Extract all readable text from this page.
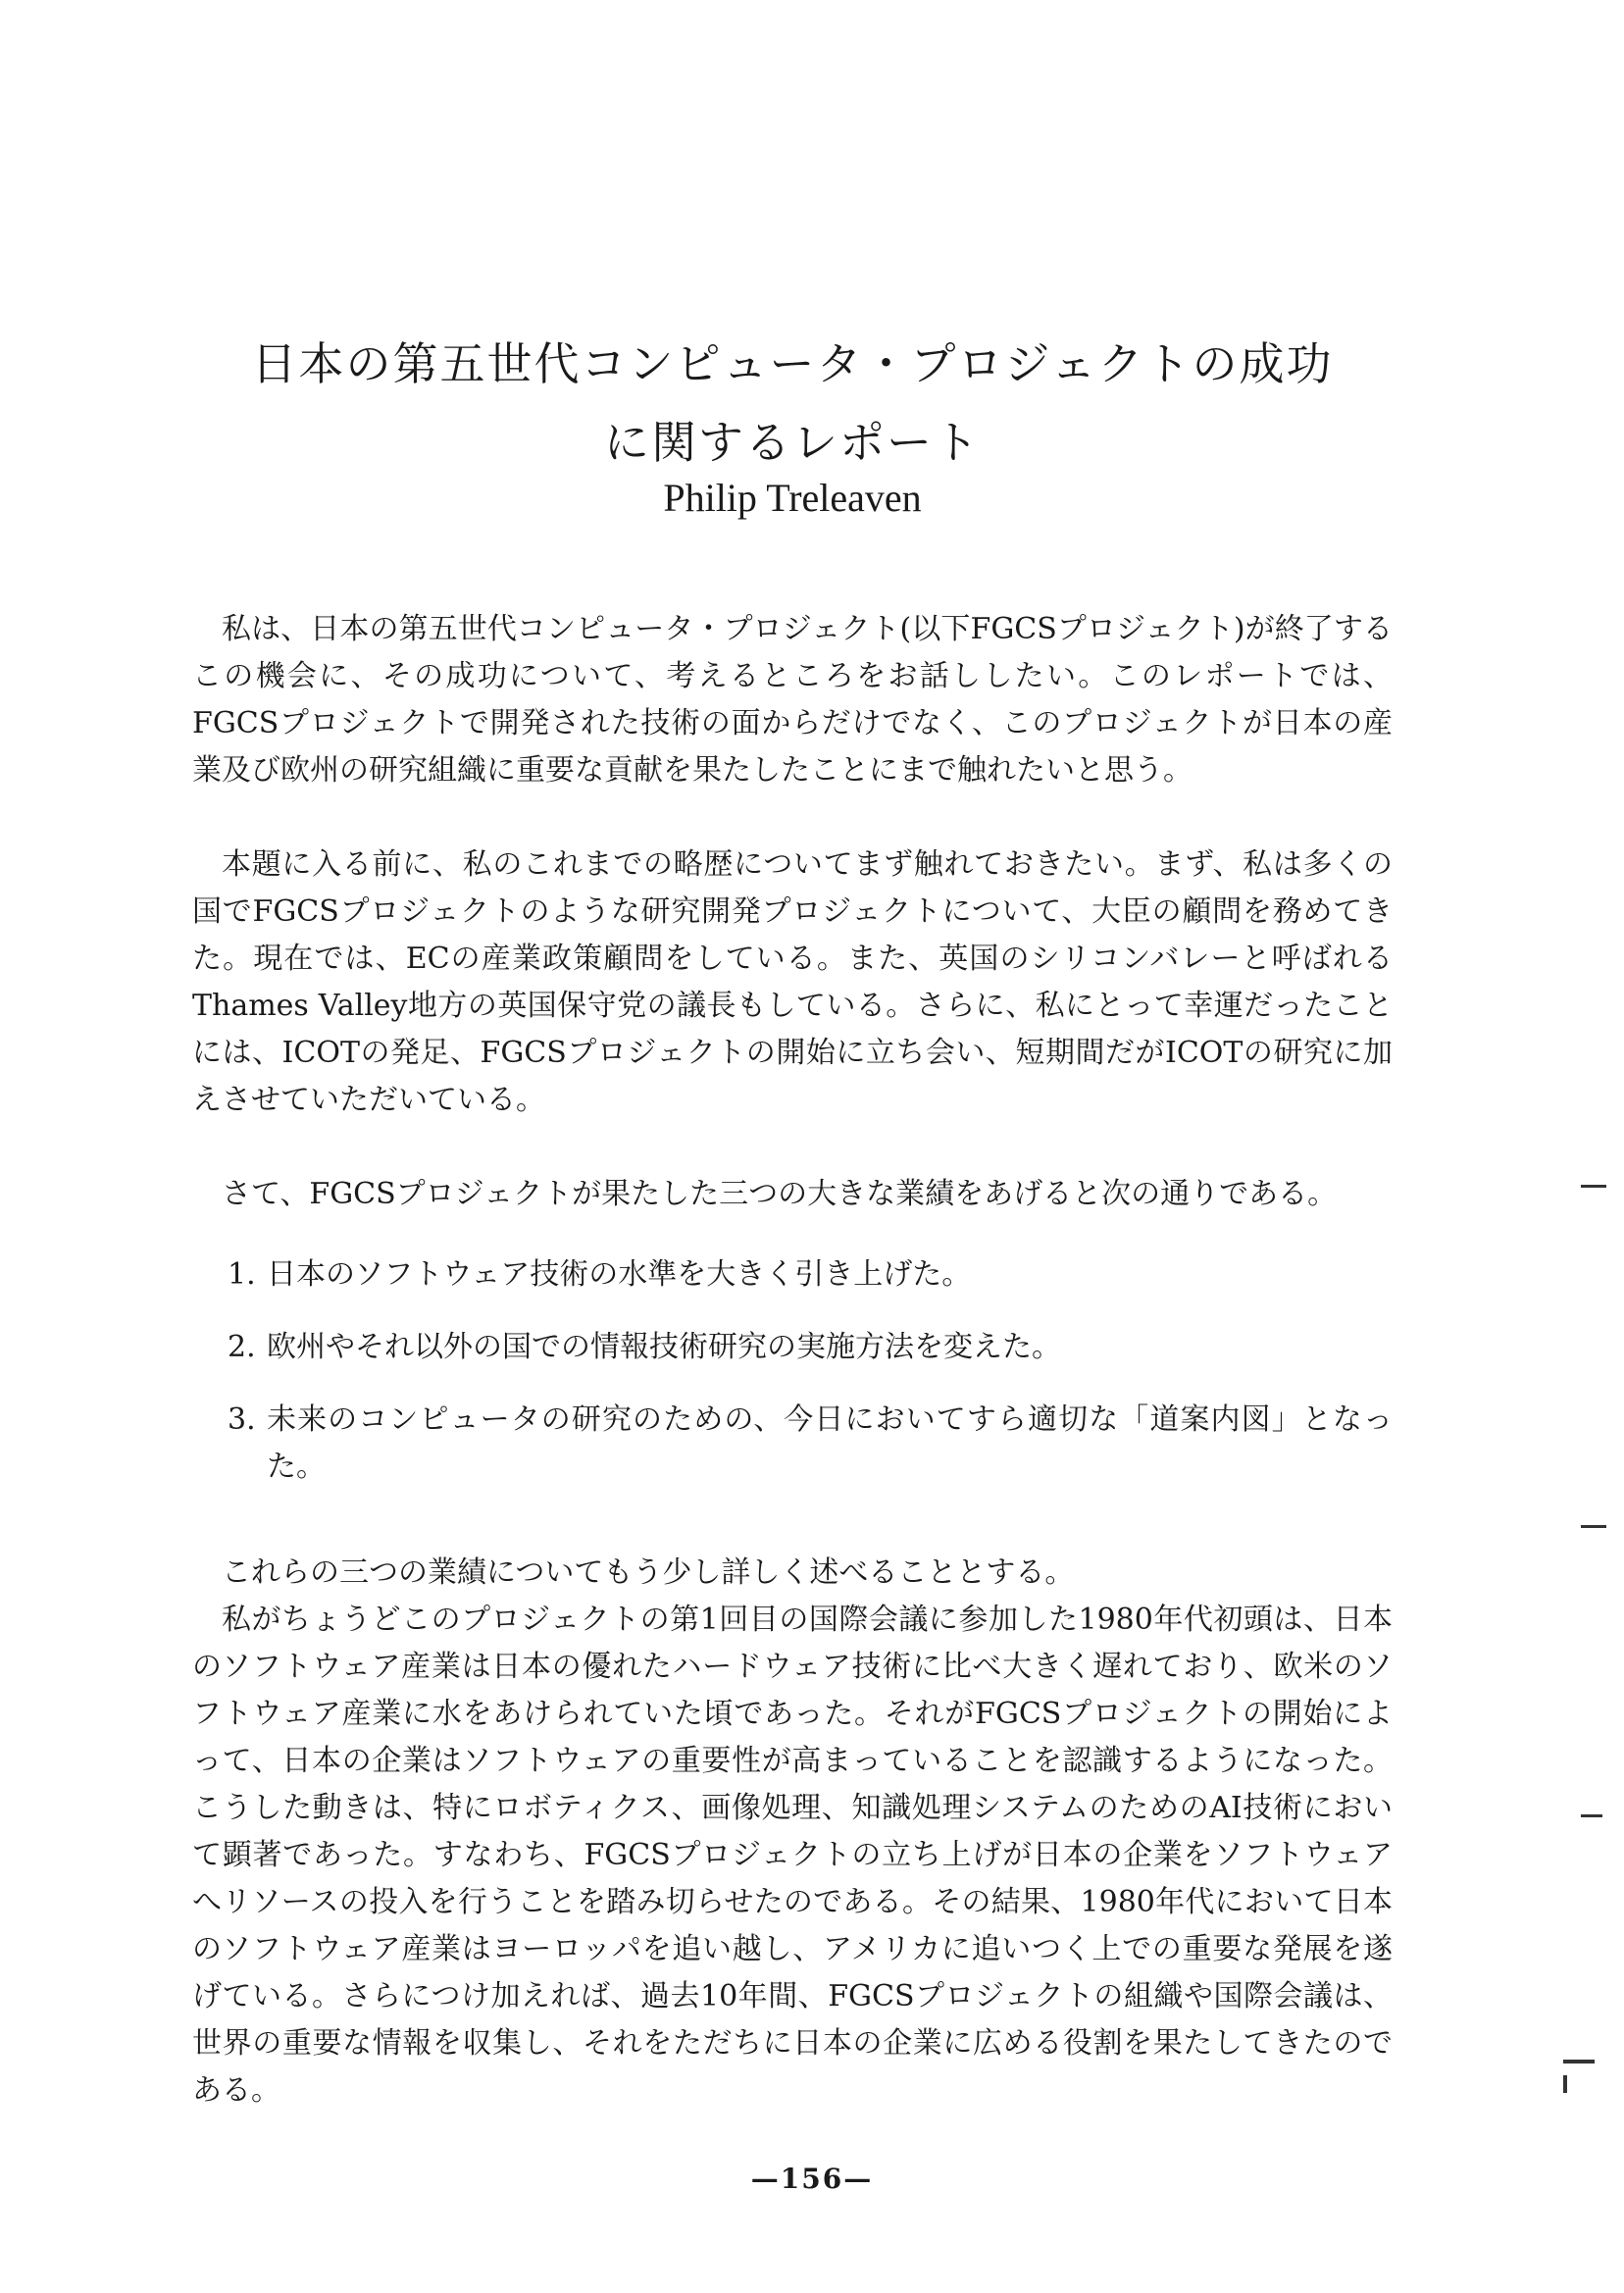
日本の第五世代コンピュータ・プロジェクトの成功
に関するレポート
Philip Treleaven

私は、日本の第五世代コンピュータ・プロジェクト(以下FGCSプロジェクト)が終了するこの機会に、その成功について、考えるところをお話ししたい。このレポートでは、FGCSプロジェクトで開発された技術の面からだけでなく、このプロジェクトが日本の産業及び欧州の研究組織に重要な貢献を果たしたことにまで触れたいと思う。

本題に入る前に、私のこれまでの略歴についてまず触れておきたい。まず、私は多くの国でFGCSプロジェクトのような研究開発プロジェクトについて、大臣の顧問を務めてきた。現在では、ECの産業政策顧問をしている。また、英国のシリコンバレーと呼ばれるThames Valley地方の英国保守党の議長もしている。さらに、私にとって幸運だったことには、ICOTの発足、FGCSプロジェクトの開始に立ち会い、短期間だがICOTの研究に加えさせていただいている。

さて、FGCSプロジェクトが果たした三つの大きな業績をあげると次の通りである。

1. 日本のソフトウェア技術の水準を大きく引き上げた。
2. 欧州やそれ以外の国での情報技術研究の実施方法を変えた。
3. 未来のコンピュータの研究のための、今日においてすら適切な「道案内図」となった。

これらの三つの業績についてもう少し詳しく述べることとする。

私がちょうどこのプロジェクトの第1回目の国際会議に参加した1980年代初頭は、日本のソフトウェア産業は日本の優れたハードウェア技術に比べ大きく遅れており、欧米のソフトウェア産業に水をあけられていた頃であった。それがFGCSプロジェクトの開始によって、日本の企業はソフトウェアの重要性が高まっていることを認識するようになった。こうした動きは、特にロボティクス、画像処理、知識処理システムのためのAI技術において顕著であった。すなわち、FGCSプロジェクトの立ち上げが日本の企業をソフトウェアへリソースの投入を行うことを踏み切らせたのである。その結果、1980年代において日本のソフトウェア産業はヨーロッパを追い越し、アメリカに追いつく上での重要な発展を遂げている。さらにつけ加えれば、過去10年間、FGCSプロジェクトの組織や国際会議は、世界の重要な情報を収集し、それをただちに日本の企業に広める役割を果たしてきたのである。

—156—
